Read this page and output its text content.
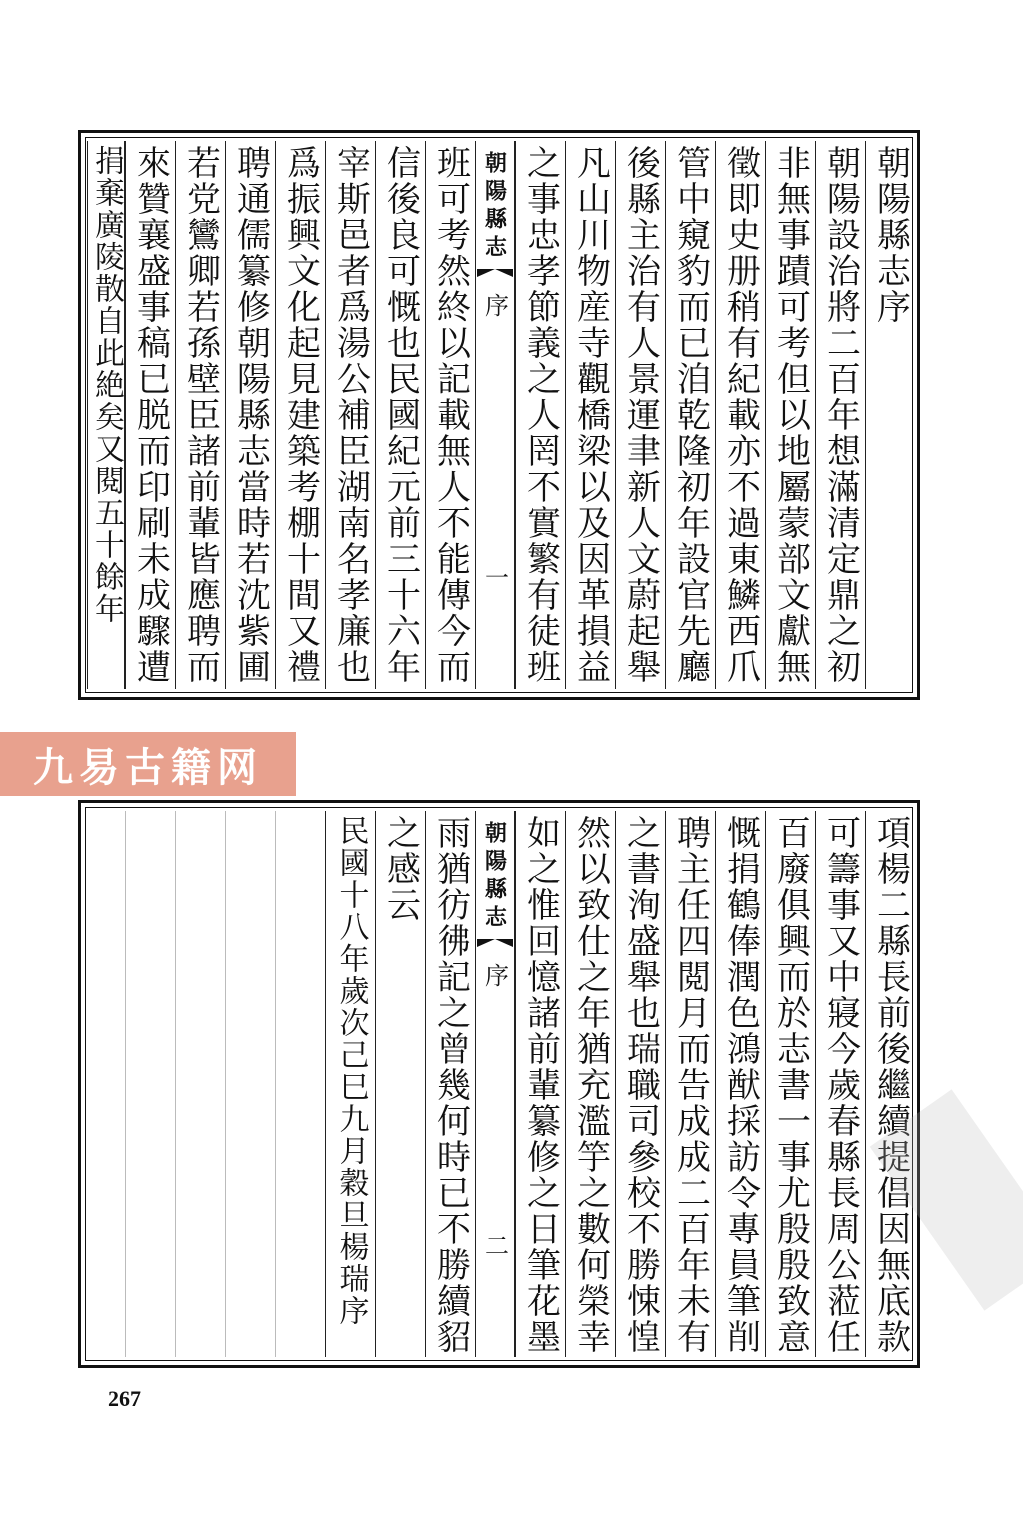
朝陽縣志序
朝陽設治將二百年想滿清定鼎之初
非無事蹟可考但以地屬蒙部文獻無
徵即史册稍有紀載亦不過東鱗西爪
管中窺豹而已洎乾隆初年設官先廳
後縣主治有人景運聿新人文蔚起舉
凡山川物産寺觀橋梁以及因革損益
之事忠孝節義之人罔不實繁有徒班
朝陽縣志
序
一
班可考然終以記載無人不能傳今而
信後良可慨也民國紀元前三十六年
宰斯邑者爲湯公補臣湖南名孝廉也
爲振興文化起見建築考棚十間又禮
聘通儒纂修朝陽縣志當時若沈紫圃
若党鸞卿若孫壁臣諸前輩皆應聘而
來贊襄盛事稿已脱而印刷未成驟遭
捐棄廣陵散自此絶矣又閱五十餘年
九易古籍网
項楊二縣長前後繼續提倡因無底款
可籌事又中寢今歲春縣長周公蒞任
百廢俱興而於志書一事尤殷殷致意
慨捐鶴俸潤色鴻猷採訪令專員筆削
聘主任四閲月而告成成二百年未有
之書洵盛舉也瑞職司參校不勝悚惶
然以致仕之年猶充濫竽之數何榮幸
如之惟回憶諸前輩纂修之日筆花墨
朝陽縣志
序
二
雨猶彷彿記之曾幾何時已不勝續貂
之感云
民國十八年歲次己巳九月穀旦楊瑞序
267
